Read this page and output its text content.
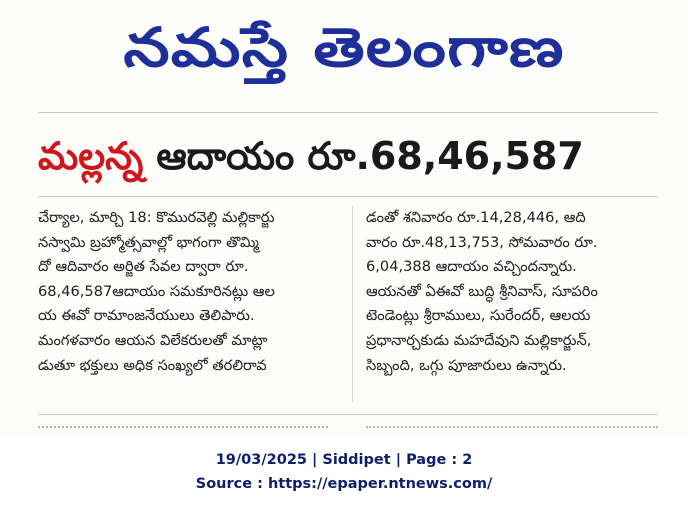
నమస్తే తెలంగాణ
మల్లన్న ఆదాయం రూ.68,46,587
చేర్యాల, మార్చి 18: కొమురవెల్లి మల్లికార్జు
నస్వామి బ్రహ్మోత్సవాల్లో భాగంగా తొమ్మి
దో ఆదివారం అర్జిత సేవల ద్వారా రూ.
68,46,587ఆదాయం సమకూరినట్లు ఆల
య ఈవో రామాంజనేయులు తెలిపారు.
మంగళవారం ఆయన విలేకరులతో మాట్లా
డుతూ భక్తులు అధిక సంఖ్యలో తరలిరావ
డంతో శనివారం రూ.14,28,446, ఆది
వారం రూ.48,13,753, సోమవారం రూ.
6,04,388 ఆదాయం వచ్చిందన్నారు.
ఆయనతో ఏఈవో బుద్ధి శ్రీనివాస్, సూపరిం
టెండెంట్లు శ్రీరాములు, సురేందర్, ఆలయ
ప్రధానార్చకుడు మహదేవుని మల్లికార్జున్,
సిబ్బంది, ఒగ్గు పూజారులు ఉన్నారు.
19/03/2025 | Siddipet | Page : 2
Source : https://epaper.ntnews.com/
